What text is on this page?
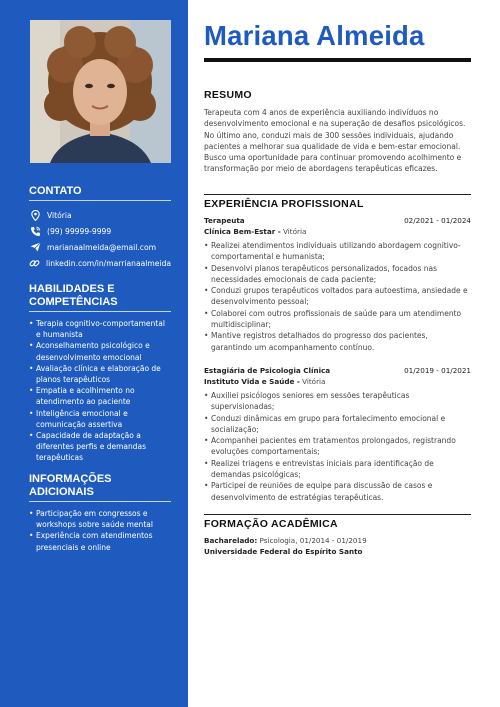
CONTATO
Vitória
(99) 99999-9999
marianaalmeida@email.com
linkedin.com/in/marrianaalmeida
HABILIDADES E
COMPETÊNCIAS
• Terapia cognitivo-comportamental e humanista
• Aconselhamento psicológico e desenvolvimento emocional
• Avaliação clínica e elaboração de planos terapêuticos
• Empatia e acolhimento no atendimento ao paciente
• Inteligência emocional e comunicação assertiva
• Capacidade de adaptação a diferentes perfis e demandas terapêuticas
INFORMAÇÕES ADICIONAIS
• Participação em congressos e workshops sobre saúde mental
• Experiência com atendimentos presenciais e online
Mariana Almeida
RESUMO
Terapeuta com 4 anos de experiência auxiliando indivíduos no desenvolvimento emocional e na superação de desafios psicológicos. No último ano, conduzi mais de 300 sessões individuais, ajudando pacientes a melhorar sua qualidade de vida e bem-estar emocional. Busco uma oportunidade para continuar promovendo acolhimento e transformação por meio de abordagens terapêuticas eficazes.
EXPERIÊNCIA PROFISSIONAL
Terapeuta	02/2021 - 01/2024
Clínica Bem-Estar - Vitória
• Realizei atendimentos individuais utilizando abordagem cognitivo-comportamental e humanista;
• Desenvolvi planos terapêuticos personalizados, focados nas necessidades emocionais de cada paciente;
• Conduzi grupos terapêuticos voltados para autoestima, ansiedade e desenvolvimento pessoal;
• Colaborei com outros profissionais de saúde para um atendimento multidisciplinar;
• Mantive registros detalhados do progresso dos pacientes, garantindo um acompanhamento contínuo.
Estagiária de Psicologia Clínica	01/2019 - 01/2021
Instituto Vida e Saúde - Vitória
• Auxiliei psicólogos seniores em sessões terapêuticas supervisionadas;
• Conduzi dinâmicas em grupo para fortalecimento emocional e socialização;
• Acompanhei pacientes em tratamentos prolongados, registrando evoluções comportamentais;
• Realizei triagens e entrevistas iniciais para identificação de demandas psicológicas;
• Participei de reuniões de equipe para discussão de casos e desenvolvimento de estratégias terapêuticas.
FORMAÇÃO ACADÊMICA
Bacharelado: Psicologia, 01/2014 - 01/2019
Universidade Federal do Espírito Santo
